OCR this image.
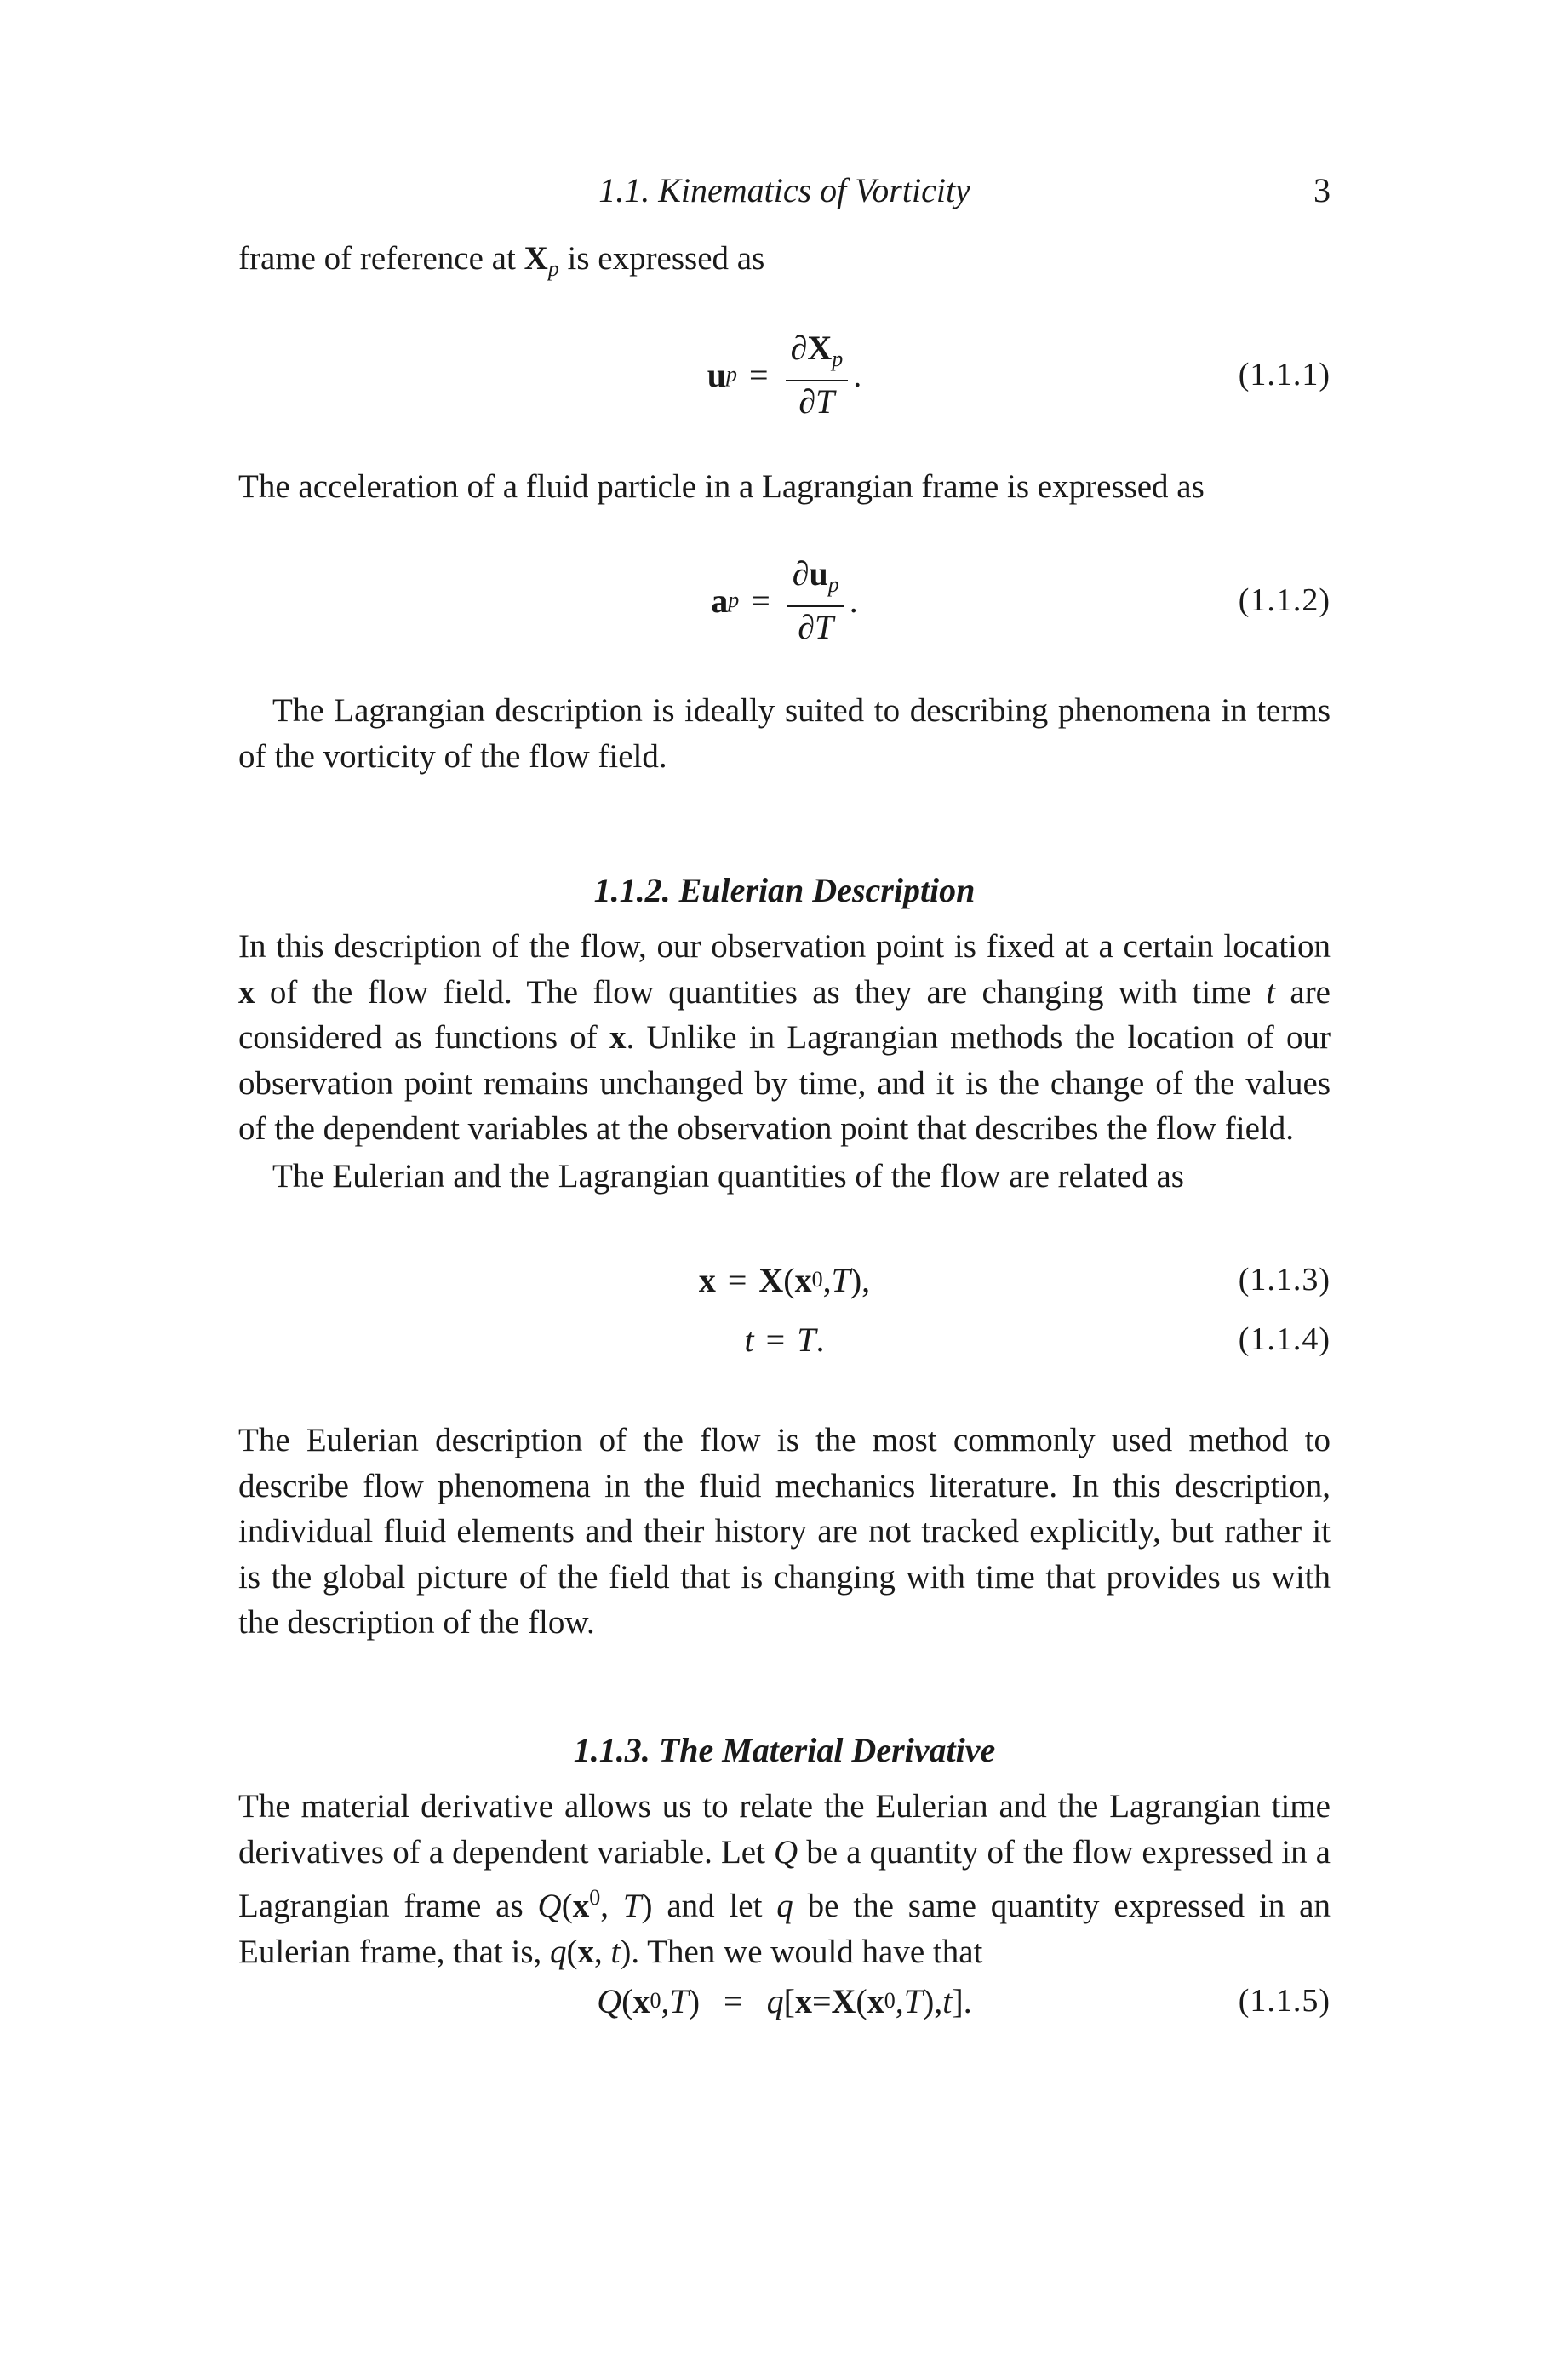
1.1. Kinematics of Vorticity	3

frame of reference at $X_p$ is expressed as

u $p = \frac{\partial X_p}{\partial T}$ .	(1.1.1)

The acceleration of a fluid particle in a Lagrangian frame is expressed as

a $p = \frac{\partial u_p}{\partial T}$ .	(1.1.2)

The Lagrangian description is ideally suited to describing phenomena in terms of the vorticity of the flow field.

1.1.2. Eulerian Description

In this description of the flow, our observation point is fixed at a certain location x of the flow field. The flow quantities as they are changing with time t are considered as functions of x. Unlike in Lagrangian methods the location of our observation point remains unchanged by time, and it is the change of the values of the dependent variables at the observation point that describes the flow field.

The Eulerian and the Lagrangian quantities of the flow are related as

x = X ( x 0 , T ),	(1.1.3)
t = T .	(1.1.4)

The Eulerian description of the flow is the most commonly used method to describe flow phenomena in the fluid mechanics literature. In this description, individual fluid elements and their history are not tracked explicitly, but rather it is the global picture of the field that is changing with time that provides us with the description of the flow.

1.1.3. The Material Derivative

The material derivative allows us to relate the Eulerian and the Lagrangian time derivatives of a dependent variable. Let Q be a quantity of the flow expressed in a Lagrangian frame as $Q(x^0$, T) and let q be the same quantity expressed in an Eulerian frame, that is, q(x, t). Then we would have that

Q ( x 0 , T ) = q [ x = X ( x 0 , T ), t ].	(1.1.5)
